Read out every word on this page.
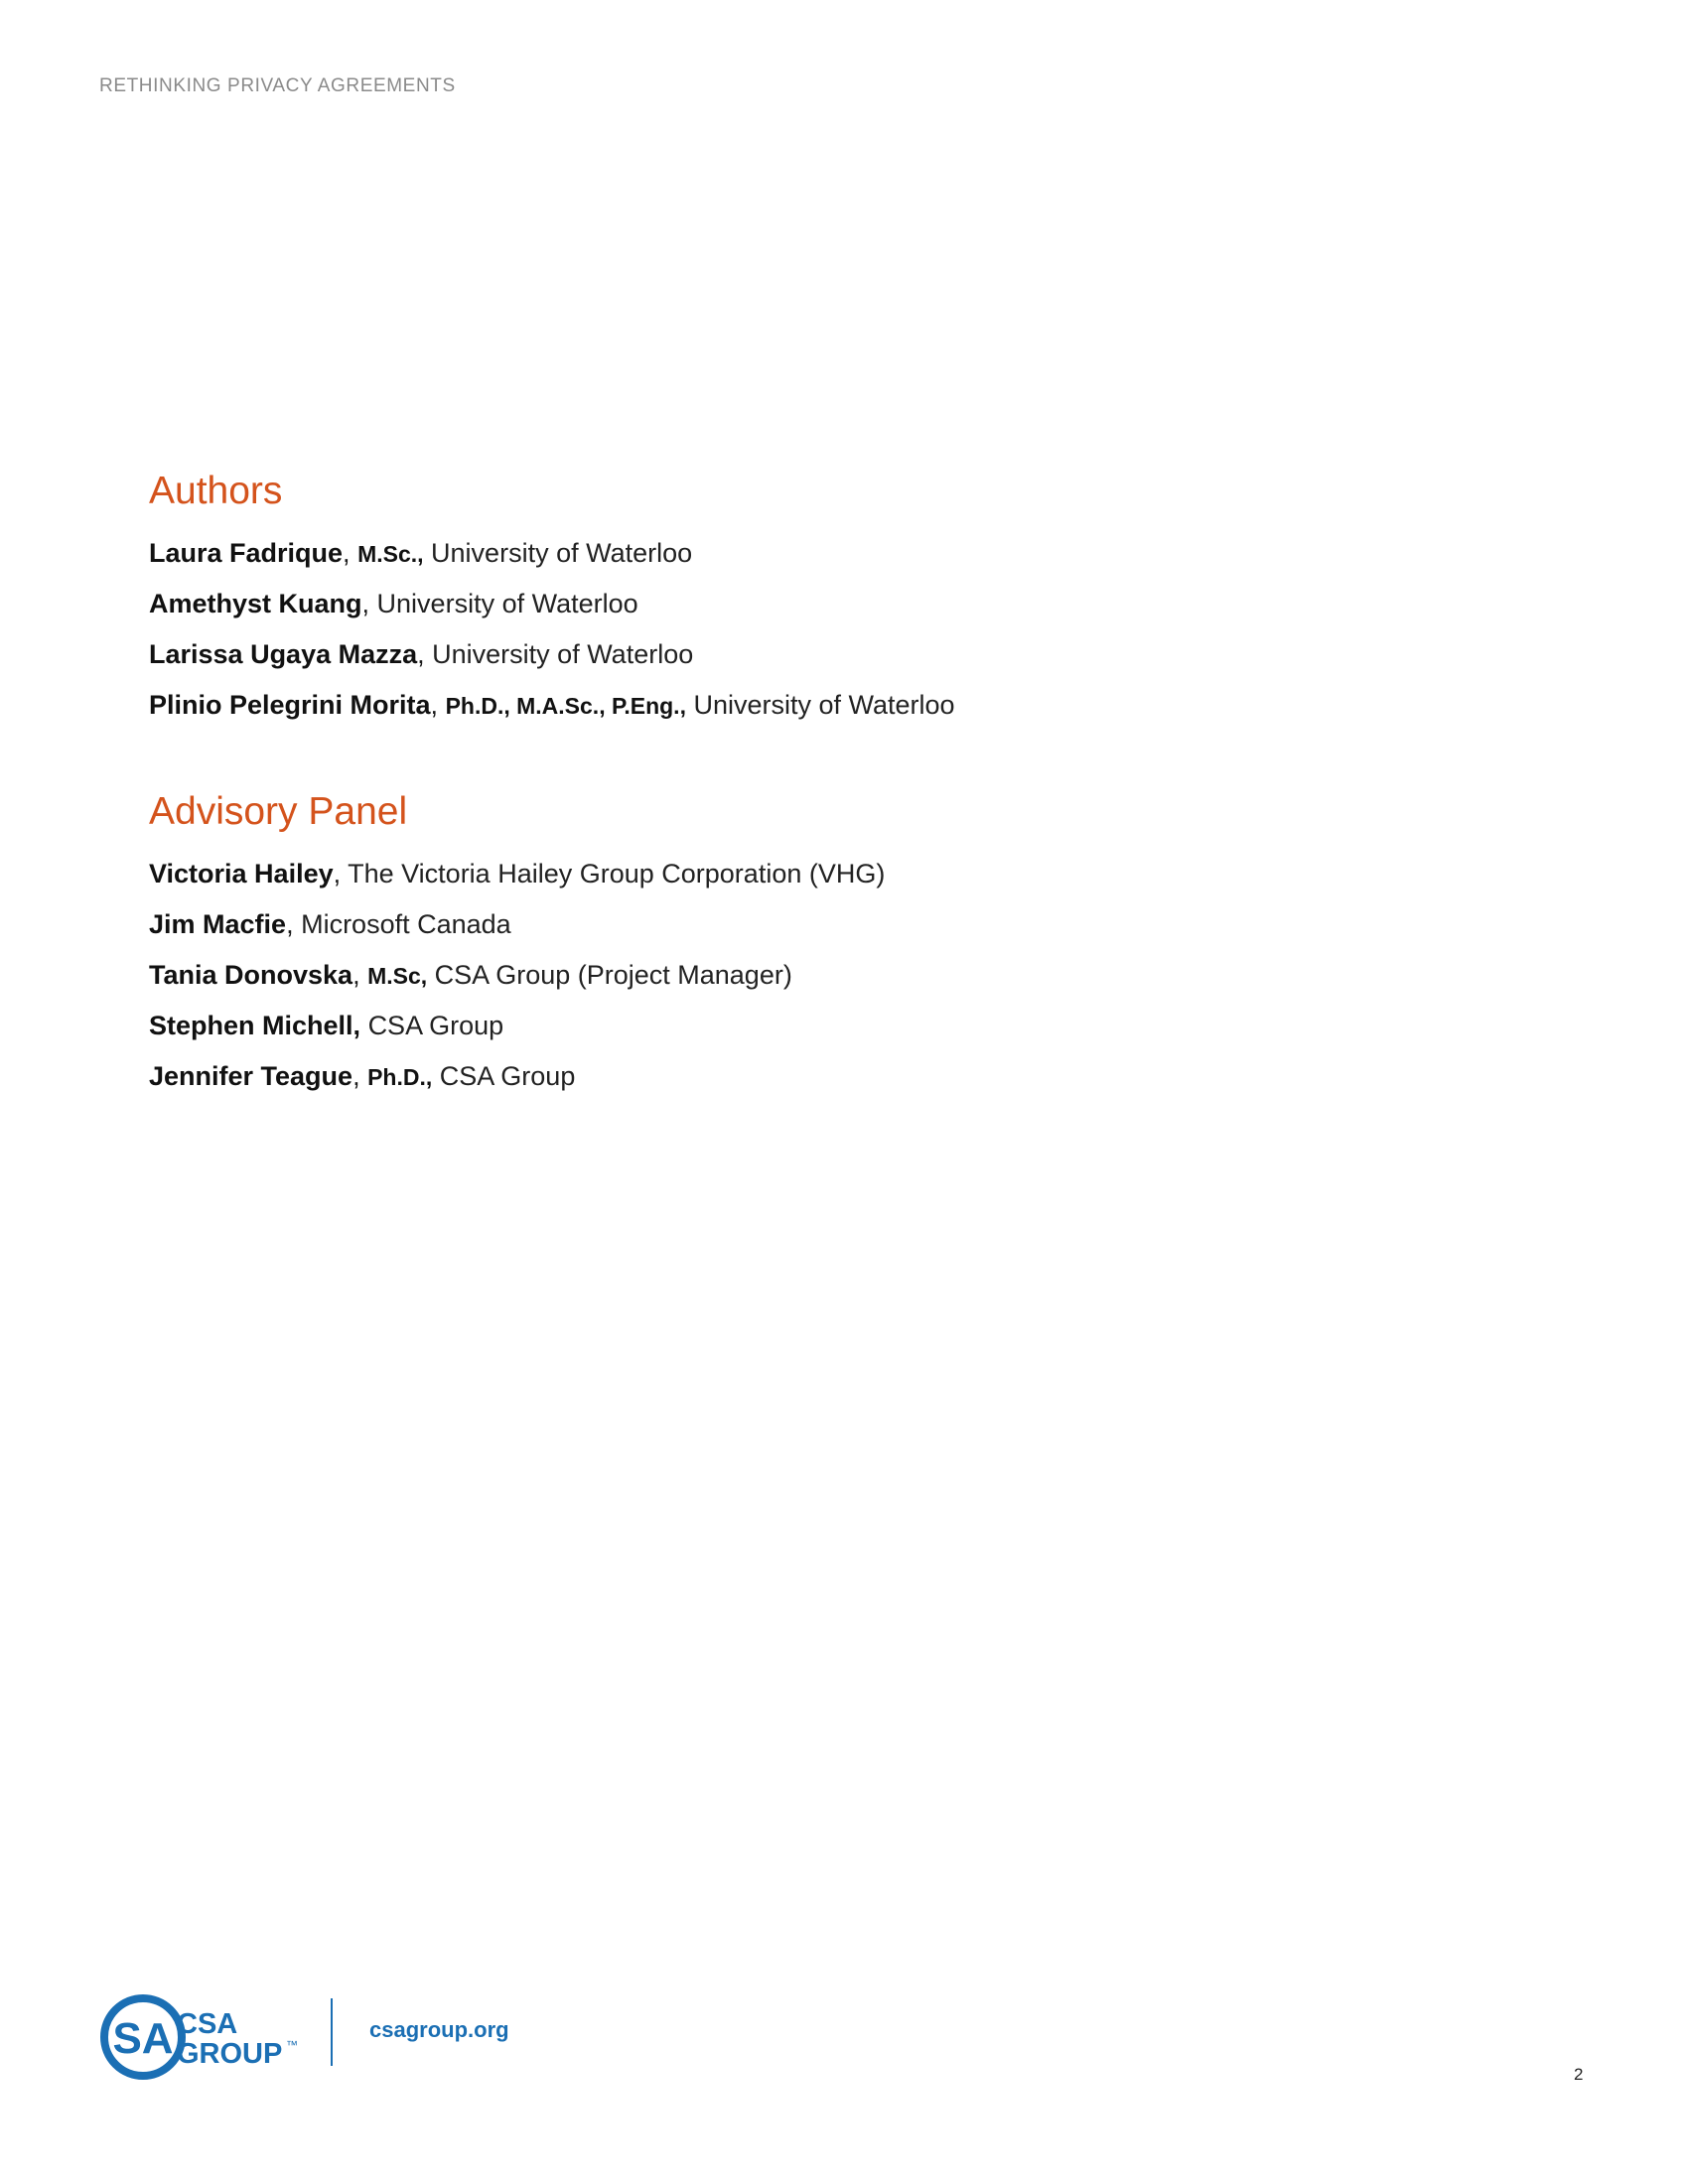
RETHINKING PRIVACY AGREEMENTS
Authors
Laura Fadrique, M.Sc., University of Waterloo
Amethyst Kuang, University of Waterloo
Larissa Ugaya Mazza, University of Waterloo
Plinio Pelegrini Morita, Ph.D., M.A.Sc., P.Eng., University of Waterloo
Advisory Panel
Victoria Hailey, The Victoria Hailey Group Corporation (VHG)
Jim Macfie, Microsoft Canada
Tania Donovska, M.Sc, CSA Group (Project Manager)
Stephen Michell, CSA Group
Jennifer Teague, Ph.D., CSA Group
SA CSA
GROUP ™
csagroup.org
2
